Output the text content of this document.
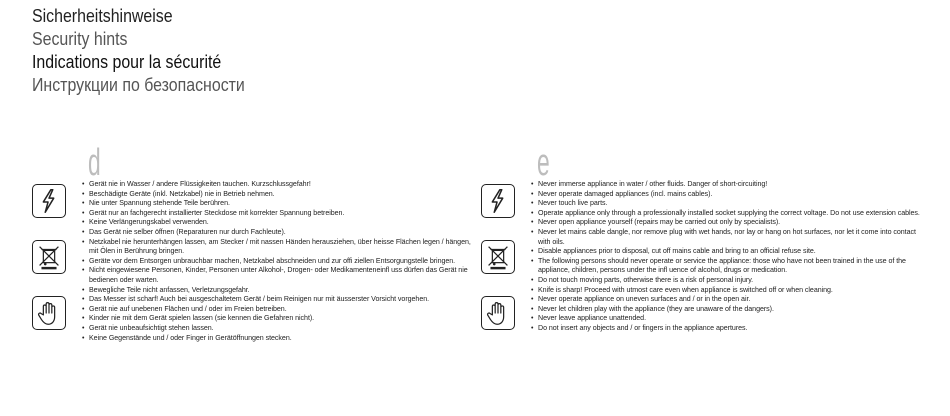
Sicherheitshinweise
Security hints
Indications pour la sécurité
Инструкции по безопасности
d
• Gerät nie in Wasser / andere Flüssigkeiten tauchen. Kurzschlussgefahr!
• Beschädigte Geräte (inkl. Netzkabel) nie in Betrieb nehmen.
• Nie unter Spannung stehende Teile berühren.
• Gerät nur an fachgerecht installierter Steckdose mit korrekter Spannung betreiben.
• Keine Verlängerungskabel verwenden.
• Das Gerät nie selber öffnen (Reparaturen nur durch Fachleute).
• Netzkabel nie herunterhängen lassen, am Stecker / mit nassen Händen herausziehen, über heisse Flächen legen / hängen, mit Ölen in Berührung bringen.
• Geräte vor dem Entsorgen unbrauchbar machen, Netzkabel abschneiden und zur offi ziellen Entsorgungstelle bringen.
• Nicht eingewiesene Personen, Kinder, Personen unter Alkohol-, Drogen- oder Medikamenteneinfl uss dürfen das Gerät nie bedienen oder warten.
• Bewegliche Teile nicht anfassen, Verletzungsgefahr.
• Das Messer ist scharf! Auch bei ausgeschaltetem Gerät / beim Reinigen nur mit äusserster Vorsicht vorgehen.
• Gerät nie auf unebenen Flächen und / oder im Freien betreiben.
• Kinder nie mit dem Gerät spielen lassen (sie kennen die Gefahren nicht).
• Gerät nie unbeaufsichtigt stehen lassen.
• Keine Gegenstände und / oder Finger in Gerätöffnungen stecken.
e
• Never immerse appliance in water / other fluids. Danger of short-circuiting!
• Never operate damaged appliances (incl. mains cables).
• Never touch live parts.
• Operate appliance only through a professionally installed socket supplying the correct voltage. Do not use extension cables.
• Never open appliance yourself (repairs may be carried out only by specialists).
• Never let mains cable dangle, nor remove plug with wet hands, nor lay or hang on hot surfaces, nor let it come into contact with oils.
• Disable appliances prior to disposal, cut off mains cable and bring to an official refuse site.
• The following persons should never operate or service the appliance: those who have not been trained in the use of the appliance, children, persons under the infl uence of alcohol, drugs or medication.
• Do not touch moving parts, otherwise there is a risk of personal injury.
• Knife is sharp! Proceed with utmost care even when appliance is switched off or when cleaning.
• Never operate appliance on uneven surfaces and / or in the open air.
• Never let children play with the appliance (they are unaware of the dangers).
• Never leave appliance unattended.
• Do not insert any objects and / or fingers in the appliance apertures.
